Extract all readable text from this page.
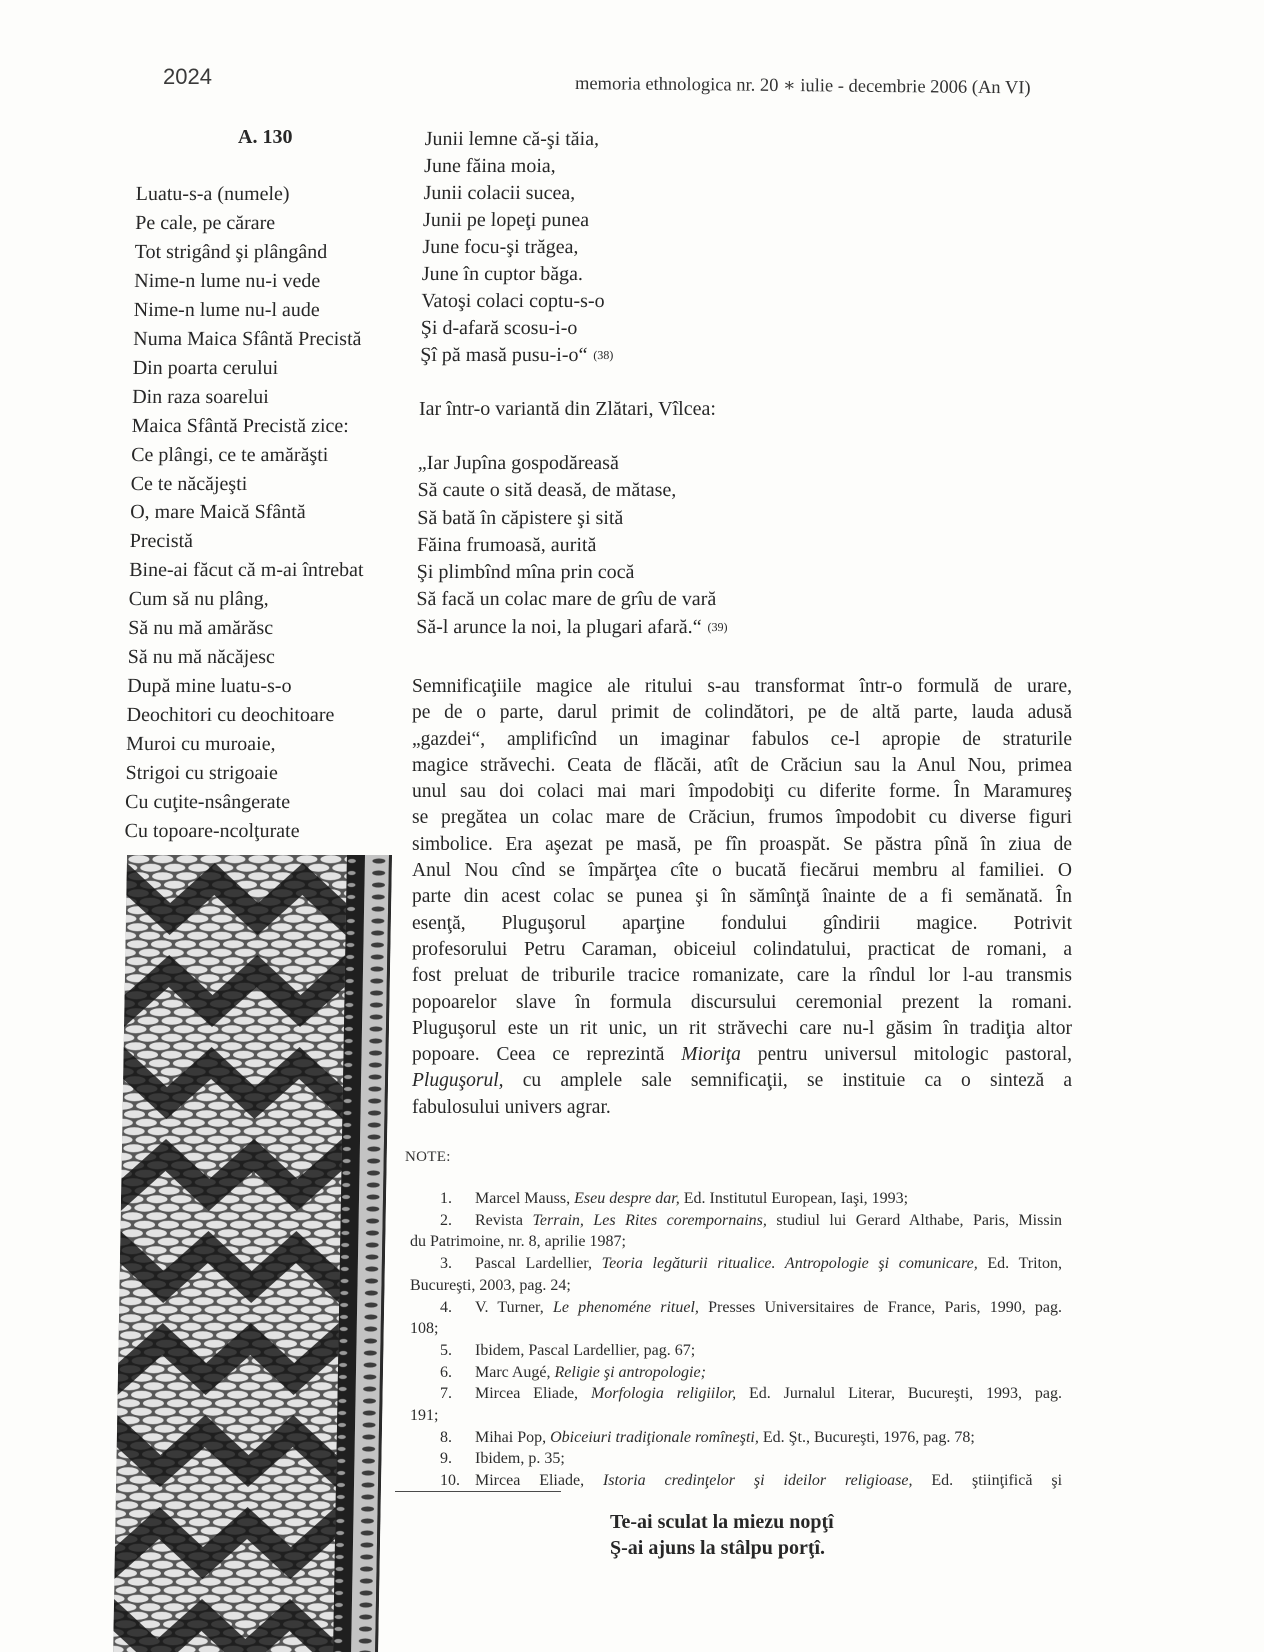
2024	memoria ethnologica nr. 20 ∗ iulie - decembrie 2006 (An VI)
A. 130
Luatu-s-a (numele)
Pe cale, pe cărare
Tot strigând şi plângând
Nime-n lume nu-i vede
Nime-n lume nu-l aude
Numa Maica Sfântă Precistă
Din poarta cerului
Din raza soarelui
Maica Sfântă Precistă zice:
Ce plângi, ce te amărăşti
Ce te năcăjeşti
O, mare Maică Sfântă
Precistă
Bine-ai făcut că m-ai întrebat
Cum să nu plâng,
Să nu mă amărăsc
Să nu mă năcăjesc
După mine luatu-s-o
Deochitori cu deochitoare
Muroi cu muroaie,
Strigoi cu strigoaie
Cu cuţite-nsângerate
Cu topoare-ncolţurate
Junii lemne că-şi tăia,
June făina moia,
Junii colacii sucea,
Junii pe lopeţi punea
June focu-şi trăgea,
June în cuptor băga.
Vatoşi colaci coptu-s-o
Şi d-afară scosu-i-o
Şî pă masă pusu-i-o“ (38)
Iar într-o variantă din Zlătari, Vîlcea:
„Iar Jupîna gospodăreasă
Să caute o sită deasă, de mătase,
Să bată în căpistere şi sită
Făina frumoasă, aurită
Şi plimbînd mîna prin cocă
Să facă un colac mare de grîu de vară
Să-l arunce la noi, la plugari afară.“ (39)
Semnificaţiile magice ale ritului s-au transformat într-o formulă de urare,
pe de o parte, darul primit de colindători, pe de altă parte, lauda adusă
„gazdei“, amplificînd un imaginar fabulos ce-l apropie de straturile
magice străvechi. Ceata de flăcăi, atît de Crăciun sau la Anul Nou, primea
unul sau doi colaci mai mari împodobiţi cu diferite forme. În Maramureş
se pregătea un colac mare de Crăciun, frumos împodobit cu diverse figuri
simbolice. Era aşezat pe masă, pe fîn proaspăt. Se păstra pînă în ziua de
Anul Nou cînd se împărţea cîte o bucată fiecărui membru al familiei. O
parte din acest colac se punea şi în sămînţă înainte de a fi semănată. În
esenţă, Pluguşorul aparţine fondului gîndirii magice. Potrivit
profesorului Petru Caraman, obiceiul colindatului, practicat de romani, a
fost preluat de triburile tracice romanizate, care la rîndul lor l-au transmis
popoarelor slave în formula discursului ceremonial prezent la romani.
Pluguşorul este un rit unic, un rit străvechi care nu-l găsim în tradiţia altor
popoare. Ceea ce reprezintă Mioriţa pentru universul mitologic pastoral,
Pluguşorul, cu amplele sale semnificaţii, se instituie ca o sinteză a
fabulosului univers agrar.
NOTE:
1. Marcel Mauss, Eseu despre dar, Ed. Institutul European, Iaşi, 1993;
2. Revista Terrain, Les Rites corempornains, studiul lui Gerard Althabe, Paris, Missin
du Patrimoine, nr. 8, aprilie 1987;
3. Pascal Lardellier, Teoria legăturii ritualice. Antropologie şi comunicare, Ed. Triton,
Bucureşti, 2003, pag. 24;
4. V. Turner, Le phenoméne rituel, Presses Universitaires de France, Paris, 1990, pag.
108;
5. Ibidem, Pascal Lardellier, pag. 67;
6. Marc Augé, Religie şi antropologie;
7. Mircea Eliade, Morfologia religiilor, Ed. Jurnalul Literar, Bucureşti, 1993, pag.
191;
8. Mihai Pop, Obiceiuri tradiţionale romîneşti, Ed. Şt., Bucureşti, 1976, pag. 78;
9. Ibidem, p. 35;
10. Mircea Eliade, Istoria credinţelor şi ideilor religioase, Ed. ştiinţifică şi
Te-ai sculat la miezu nopţî
Ş-ai ajuns la stâlpu porţî.
